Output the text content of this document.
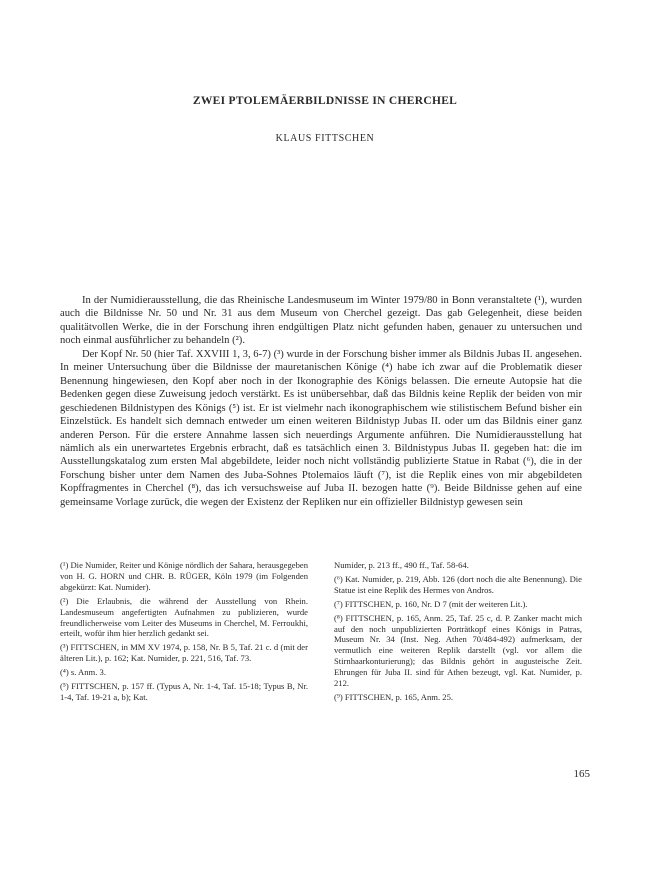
ZWEI PTOLEMÄERBILDNISSE IN CHERCHEL
KLAUS FITTSCHEN

In der Numidierausstellung, die das Rheinische Landesmuseum im Winter 1979/80 in Bonn veranstaltete (¹), wurden auch die Bildnisse Nr. 50 und Nr. 31 aus dem Museum von Cherchel gezeigt. Das gab Gelegenheit, diese beiden qualitätvollen Werke, die in der Forschung ihren endgültigen Platz nicht gefunden haben, genauer zu untersuchen und noch einmal ausführlicher zu behandeln (²).

Der Kopf Nr. 50 (hier Taf. XXVIII 1, 3, 6-7) (³) wurde in der Forschung bisher immer als Bildnis Jubas II. angesehen. In meiner Untersuchung über die Bildnisse der mauretanischen Könige (⁴) habe ich zwar auf die Problematik dieser Benennung hingewiesen, den Kopf aber noch in der Ikonographie des Königs belassen. Die erneute Autopsie hat die Bedenken gegen diese Zuweisung jedoch verstärkt. Es ist unübersehbar, daß das Bildnis keine Replik der beiden von mir geschiedenen Bildnistypen des Königs (⁵) ist. Er ist vielmehr nach ikonographischem wie stilistischem Befund bisher ein Einzelstück. Es handelt sich demnach entweder um einen weiteren Bildnistyp Jubas II. oder um das Bildnis einer ganz anderen Person. Für die erstere Annahme lassen sich neuerdings Argumente anführen. Die Numidierausstellung hat nämlich als ein unerwartetes Ergebnis erbracht, daß es tatsächlich einen 3. Bildnistypus Jubas II. gegeben hat: die im Ausstellungskatalog zum ersten Mal abgebildete, leider noch nicht vollständig publizierte Statue in Rabat (⁶), die in der Forschung bisher unter dem Namen des Juba-Sohnes Ptolemaios läuft (⁷), ist die Replik eines von mir abgebildeten Kopffragmentes in Cherchel (⁸), das ich versuchsweise auf Juba II. bezogen hatte (⁹). Beide Bildnisse gehen auf eine gemeinsame Vorlage zurück, die wegen der Existenz der Repliken nur ein offizieller Bildnistyp gewesen sein

(¹) Die Numider, Reiter und Könige nördlich der Sahara, herausgegeben von H. G. HORN und CHR. B. RÜGER, Köln 1979 (im Folgenden abgekürzt: Kat. Numider).

(²) Die Erlaubnis, die während der Ausstellung von Rhein. Landesmuseum angefertigten Aufnahmen zu publizieren, wurde freundlicherweise vom Leiter des Museums in Cherchel, M. Ferroukhi, erteilt, wofür ihm hier herzlich gedankt sei.

(³) FITTSCHEN, in MM XV 1974, p. 158, Nr. B 5, Taf. 21 c. d (mit der älteren Lit.), p. 162; Kat. Numider, p. 221, 516, Taf. 73.

(⁴) s. Anm. 3.

(⁵) FITTSCHEN, p. 157 ff. (Typus A, Nr. 1-4, Taf. 15-18; Typus B, Nr. 1-4, Taf. 19-21 a, b); Kat.

Numider, p. 213 ff., 490 ff., Taf. 58-64.

(⁶) Kat. Numider, p. 219, Abb. 126 (dort noch die alte Benennung). Die Statue ist eine Replik des Hermes von Andros.

(⁷) FITTSCHEN, p. 160, Nr. D 7 (mit der weiteren Lit.).

(⁸) FITTSCHEN, p. 165, Anm. 25, Taf. 25 c, d. P. Zanker macht mich auf den noch unpublizierten Porträtkopf eines Königs in Patras, Museum Nr. 34 (Inst. Neg. Athen 70/484-492) aufmerksam, der vermutlich eine weiteren Replik darstellt (vgl. vor allem die Stirnhaarkonturierung); das Bildnis gehört in augusteische Zeit. Ehrungen für Juba II. sind für Athen bezeugt, vgl. Kat. Numider, p. 212.

(⁹) FITTSCHEN, p. 165, Anm. 25.

165
